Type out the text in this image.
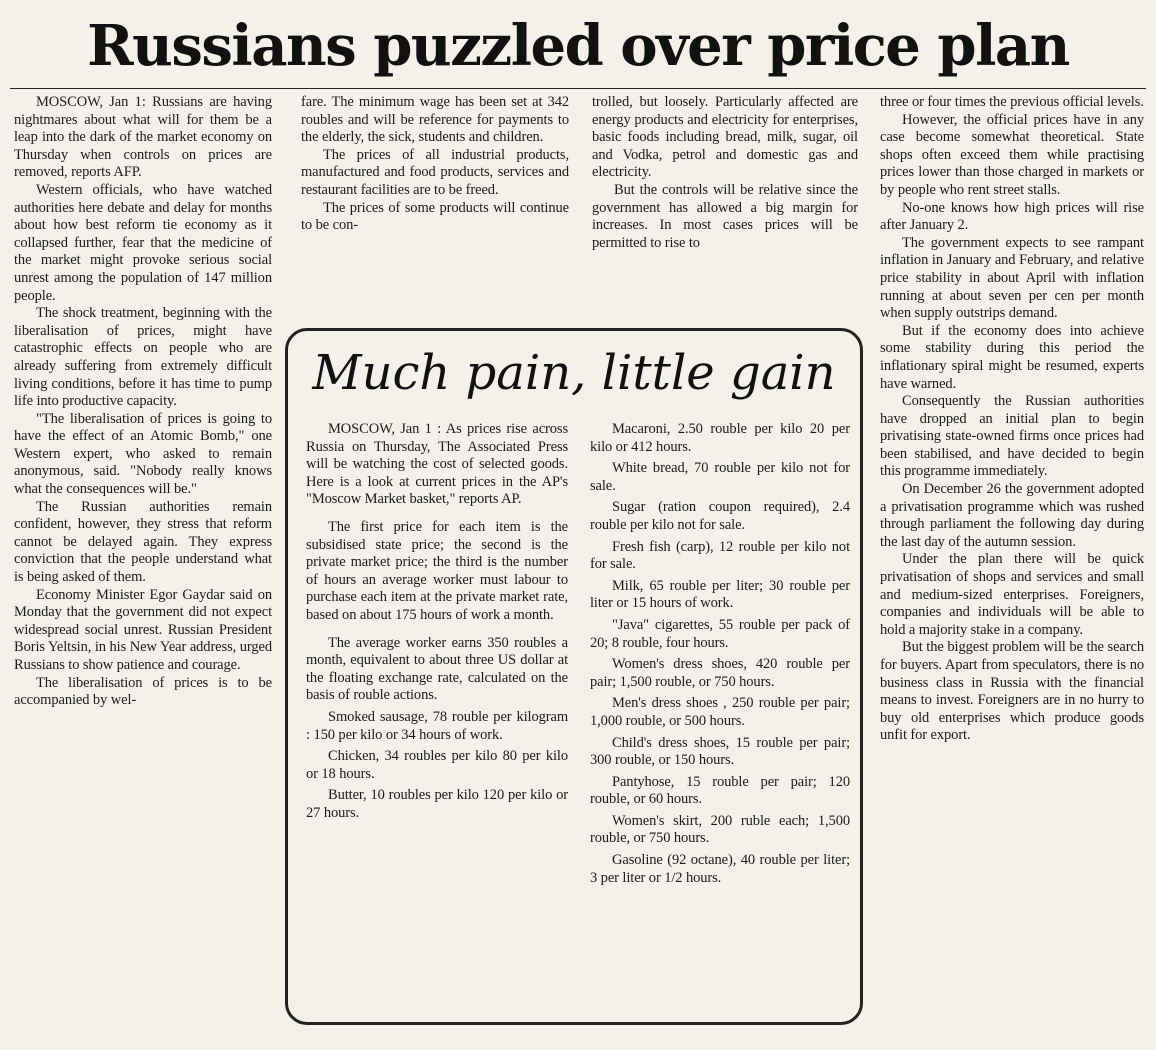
Russians puzzled over price plan

MOSCOW, Jan 1: Russians are having nightmares about what will for them be a leap into the dark of the market economy on Thursday when controls on prices are removed, reports AFP.

Western officials, who have watched authorities here debate and delay for months about how best reform tie economy as it collapsed further, fear that the medicine of the market might provoke serious social unrest among the population of 147 million people.

The shock treatment, beginning with the liberalisation of prices, might have catastrophic effects on people who are already suffering from extremely difficult living conditions, before it has time to pump life into productive capacity.

"The liberalisation of prices is going to have the effect of an Atomic Bomb," one Western expert, who asked to remain anonymous, said. "Nobody really knows what the consequences will be."

The Russian authorities remain confident, however, they stress that reform cannot be delayed again. They express conviction that the people understand what is being asked of them.

Economy Minister Egor Gaydar said on Monday that the government did not expect widespread social unrest. Russian President Boris Yeltsin, in his New Year address, urged Russians to show patience and courage.

The liberalisation of prices is to be accompanied by wel-

fare. The minimum wage has been set at 342 roubles and will be reference for payments to the elderly, the sick, students and children.

The prices of all industrial products, manufactured and food products, services and restaurant facilities are to be freed.

The prices of some products will continue to be con-

trolled, but loosely. Particularly affected are energy products and electricity for enterprises, basic foods including bread, milk, sugar, oil and Vodka, petrol and domestic gas and electricity.

But the controls will be relative since the government has allowed a big margin for increases. In most cases prices will be permitted to rise to

three or four times the previous official levels.

However, the official prices have in any case become somewhat theoretical. State shops often exceed them while practising prices lower than those charged in markets or by people who rent street stalls.

No-one knows how high prices will rise after January 2.

The government expects to see rampant inflation in January and February, and relative price stability in about April with inflation running at about seven per cen per month when supply outstrips demand.

But if the economy does into achieve some stability during this period the inflationary spiral might be resumed, experts have warned.

Consequently the Russian authorities have dropped an initial plan to begin privatising state-owned firms once prices had been stabilised, and have decided to begin this programme immediately.

On December 26 the government adopted a privatisation programme which was rushed through parliament the following day during the last day of the autumn session.

Under the plan there will be quick privatisation of shops and services and small and medium-sized enterprises. Foreigners, companies and individuals will be able to hold a majority stake in a company.

But the biggest problem will be the search for buyers. Apart from speculators, there is no business class in Russia with the financial means to invest. Foreigners are in no hurry to buy old enterprises which produce goods unfit for export.

Much pain, little gain

MOSCOW, Jan 1 : As prices rise across Russia on Thursday, The Associated Press will be watching the cost of selected goods. Here is a look at current prices in the AP's "Moscow Market basket," reports AP.

The first price for each item is the subsidised state price; the second is the private market price; the third is the number of hours an average worker must labour to purchase each item at the private market rate, based on about 175 hours of work a month.

The average worker earns 350 roubles a month, equivalent to about three US dollar at the floating exchange rate, calculated on the basis of rouble actions.

Smoked sausage, 78 rouble per kilogram : 150 per kilo or 34 hours of work.

Chicken, 34 roubles per kilo 80 per kilo or 18 hours.

Butter, 10 roubles per kilo 120 per kilo or 27 hours.

Macaroni, 2.50 rouble per kilo 20 per kilo or 412 hours.

White bread, 70 rouble per kilo not for sale.

Sugar (ration coupon required), 2.4 rouble per kilo not for sale.

Fresh fish (carp), 12 rouble per kilo not for sale.

Milk, 65 rouble per liter; 30 rouble per liter or 15 hours of work.

"Java" cigarettes, 55 rouble per pack of 20; 8 rouble, four hours.

Women's dress shoes, 420 rouble per pair; 1,500 rouble, or 750 hours.

Men's dress shoes , 250 rouble per pair; 1,000 rouble, or 500 hours.

Child's dress shoes, 15 rouble per pair; 300 rouble, or 150 hours.

Pantyhose, 15 rouble per pair; 120 rouble, or 60 hours.

Women's skirt, 200 ruble each; 1,500 rouble, or 750 hours.

Gasoline (92 octane), 40 rouble per liter; 3 per liter or 1/2 hours.
